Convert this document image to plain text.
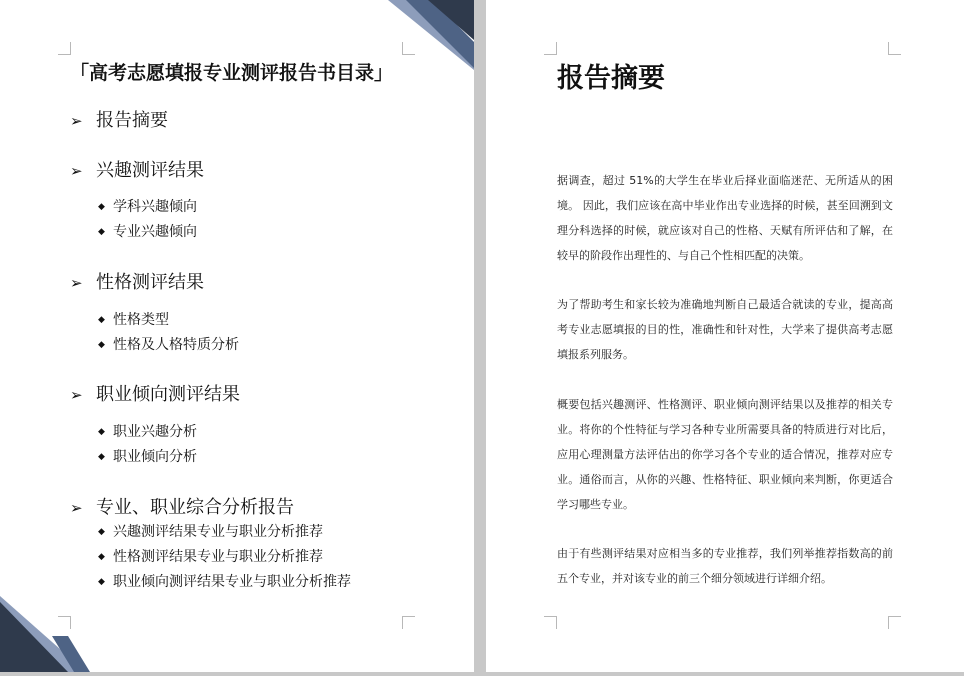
「高考志愿填报专业测评报告书目录」
➢ 报告摘要
➢ 兴趣测评结果
◆ 学科兴趣倾向
◆ 专业兴趣倾向
➢ 性格测评结果
◆ 性格类型
◆ 性格及人格特质分析
➢ 职业倾向测评结果
◆ 职业兴趣分析
◆ 职业倾向分析
➢ 专业、职业综合分析报告
◆ 兴趣测评结果专业与职业分析推荐
◆ 性格测评结果专业与职业分析推荐
◆ 职业倾向测评结果专业与职业分析推荐
报告摘要

据调查，超过 51%的大学生在毕业后择业面临迷茫、无所适从的困境。 因此，我们应该在高中毕业作出专业选择的时候，甚至回溯到文理分科选择的时候，就应该对自己的性格、天赋有所评估和了解，在较早的阶段作出理性的、与自己个性相匹配的决策。

为了帮助考生和家长较为准确地判断自己最适合就读的专业，提高高考专业志愿填报的目的性，准确性和针对性，大学来了提供高考志愿填报系列服务。

概要包括兴趣测评、性格测评、职业倾向测评结果以及推荐的相关专业。将你的个性特征与学习各种专业所需要具备的特质进行对比后，应用心理测量方法评估出的你学习各个专业的适合情况，推荐对应专业。通俗而言，从你的兴趣、性格特征、职业倾向来判断，你更适合学习哪些专业。

由于有些测评结果对应相当多的专业推荐，我们列举推荐指数高的前五个专业，并对该专业的前三个细分领域进行详细介绍。
